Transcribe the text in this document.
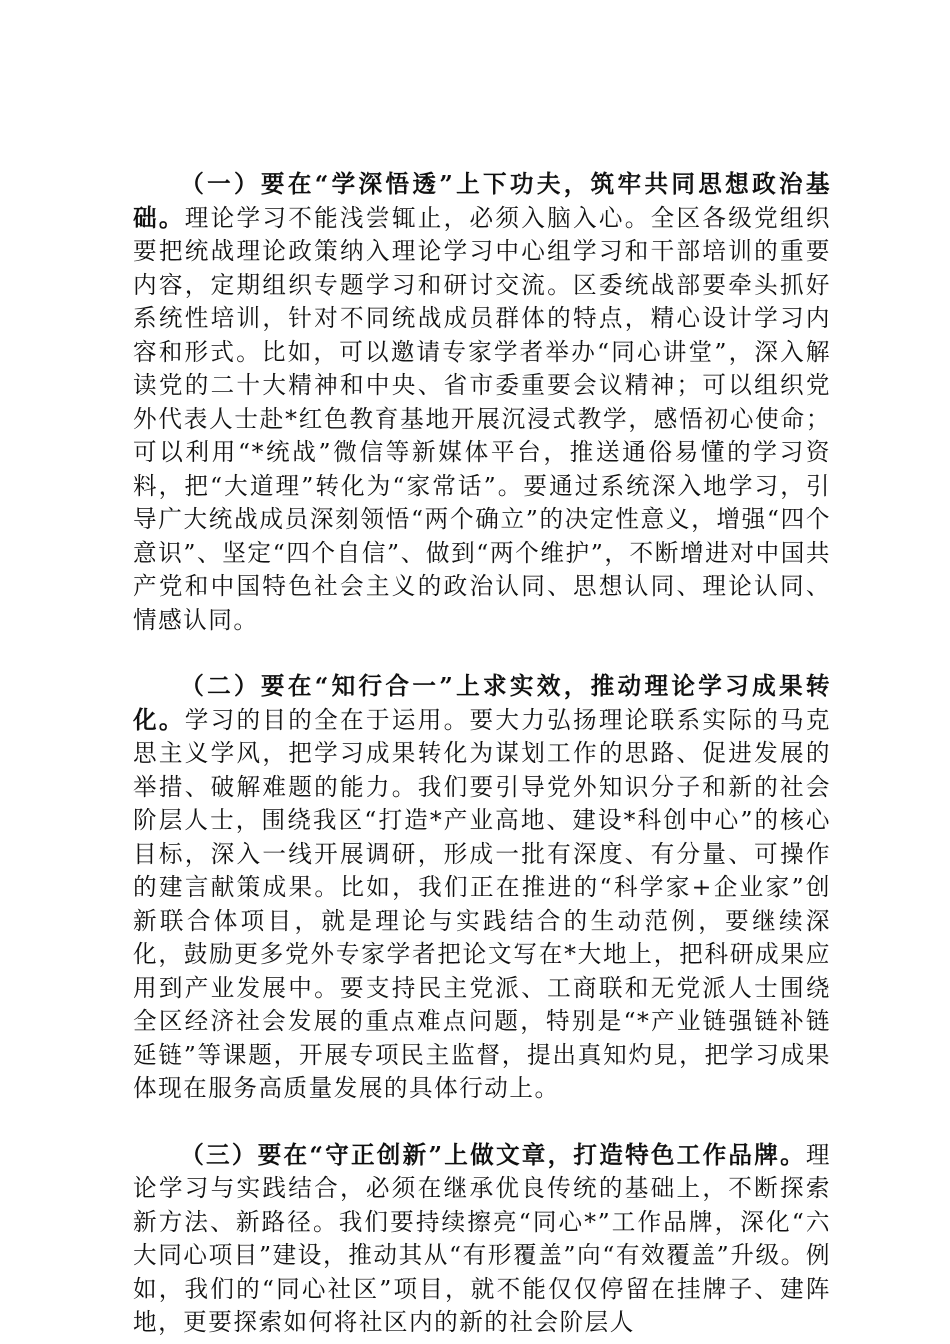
（一）要在“学深悟透”上下功夫，筑牢共同思想政治基础。理论学习不能浅尝辄止，必须入脑入心。全区各级党组织要把统战理论政策纳入理论学习中心组学习和干部培训的重要内容，定期组织专题学习和研讨交流。区委统战部要牵头抓好系统性培训，针对不同统战成员群体的特点，精心设计学习内容和形式。比如，可以邀请专家学者举办“同心讲堂”，深入解读党的二十大精神和中央、省市委重要会议精神；可以组织党外代表人士赴*红色教育基地开展沉浸式教学，感悟初心使命；可以利用“*统战”微信等新媒体平台，推送通俗易懂的学习资料，把“大道理”转化为“家常话”。要通过系统深入地学习，引导广大统战成员深刻领悟“两个确立”的决定性意义，增强“四个意识”、坚定“四个自信”、做到“两个维护”，不断增进对中国共产党和中国特色社会主义的政治认同、思想认同、理论认同、情感认同。

（二）要在“知行合一”上求实效，推动理论学习成果转化。学习的目的全在于运用。要大力弘扬理论联系实际的马克思主义学风，把学习成果转化为谋划工作的思路、促进发展的举措、破解难题的能力。我们要引导党外知识分子和新的社会阶层人士，围绕我区“打造*产业高地、建设*科创中心”的核心目标，深入一线开展调研，形成一批有深度、有分量、可操作的建言献策成果。比如，我们正在推进的“科学家+企业家”创新联合体项目，就是理论与实践结合的生动范例，要继续深化，鼓励更多党外专家学者把论文写在*大地上，把科研成果应用到产业发展中。要支持民主党派、工商联和无党派人士围绕全区经济社会发展的重点难点问题，特别是“*产业链强链补链延链”等课题，开展专项民主监督，提出真知灼見，把学习成果体现在服务高质量发展的具体行动上。

（三）要在“守正创新”上做文章，打造特色工作品牌。理论学习与实践结合，必须在继承优良传统的基础上，不断探索新方法、新路径。我们要持续擦亮“同心*”工作品牌，深化“六大同心项目”建设，推动其从“有形覆盖”向“有效覆盖”升级。例如，我们的“同心社区”项目，就不能仅仅停留在挂牌子、建阵地，更要探索如何将社区内的新的社会阶层人
